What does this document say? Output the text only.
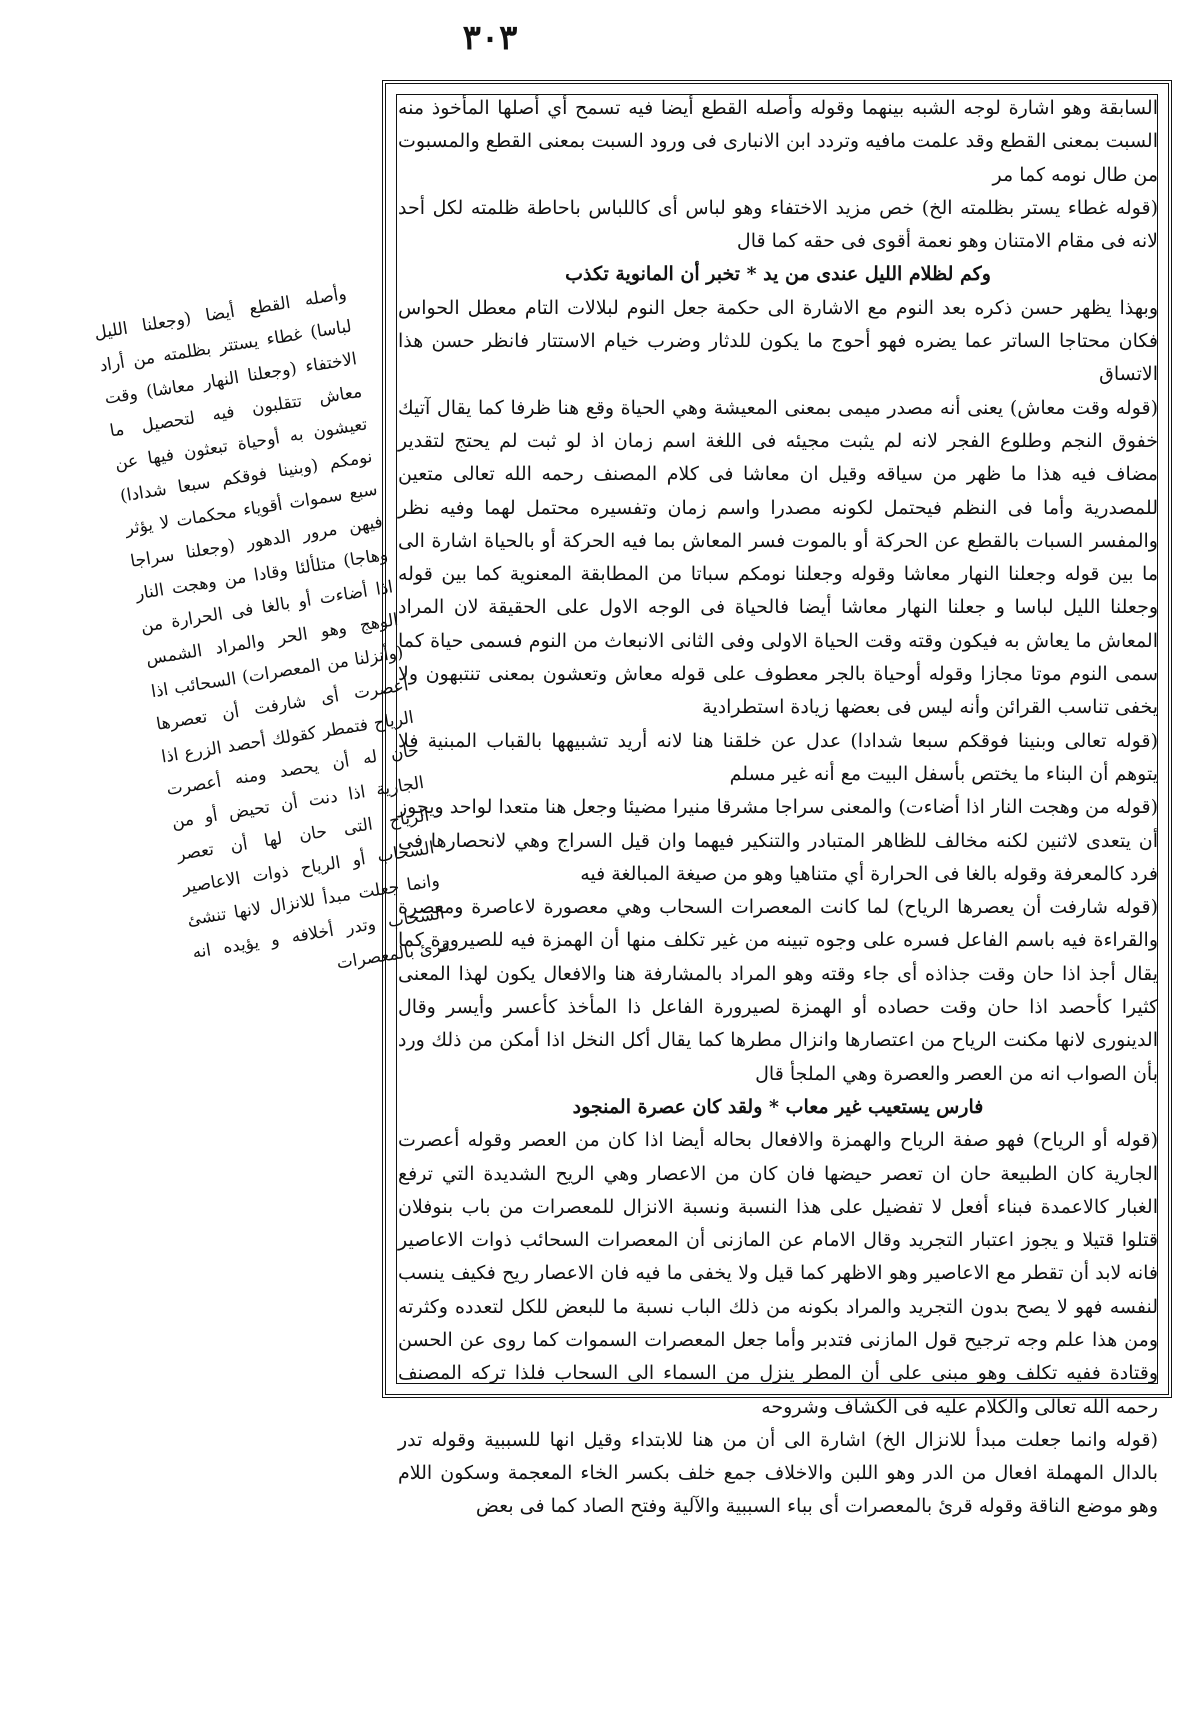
٣٠٣

السابقة وهو اشارة لوجه الشبه بينهما وقوله وأصله القطع أيضا فيه تسمح أي أصلها المأخوذ منه السبت بمعنى القطع وقد علمت مافيه وتردد ابن الانبارى فى ورود السبت بمعنى القطع والمسبوت من طال نومه كما مر

(قوله غطاء يستر بظلمته الخ) خص مزيد الاختفاء وهو لباس أى كاللباس باحاطة ظلمته لكل أحد لانه فى مقام الامتنان وهو نعمة أقوى فى حقه كما قال

وكم لظلام الليل عندى من يد * تخبر أن المانوية تكذب

وبهذا يظهر حسن ذكره بعد النوم مع الاشارة الى حكمة جعل النوم لبلالات التام معطل الحواس فكان محتاجا الساتر عما يضره فهو أحوج ما يكون للدثار وضرب خيام الاستتار فانظر حسن هذا الاتساق

(قوله وقت معاش) يعنى أنه مصدر ميمى بمعنى المعيشة وهي الحياة وقع هنا ظرفا كما يقال آتيك خفوق النجم وطلوع الفجر لانه لم يثبت مجيئه فى اللغة اسم زمان اذ لو ثبت لم يحتج لتقدير مضاف فيه هذا ما ظهر من سياقه وقيل ان معاشا فى كلام المصنف رحمه الله تعالى متعين للمصدرية وأما فى النظم فيحتمل لكونه مصدرا واسم زمان وتفسيره محتمل لهما وفيه نظر والمفسر السبات بالقطع عن الحركة أو بالموت فسر المعاش بما فيه الحركة أو بالحياة اشارة الى ما بين قوله وجعلنا النهار معاشا وقوله وجعلنا نومكم سباتا من المطابقة المعنوية كما بين قوله وجعلنا الليل لباسا و جعلنا النهار معاشا أيضا فالحياة فى الوجه الاول على الحقيقة لان المراد المعاش ما يعاش به فيكون وقته وقت الحياة الاولى وفى الثانى الانبعاث من النوم فسمى حياة كما سمى النوم موتا مجازا وقوله أوحياة بالجر معطوف على قوله معاش وتعشون بمعنى تنتبهون ولا يخفى تناسب القرائن وأنه ليس فى بعضها زيادة استطرادية

(قوله تعالى وبنينا فوقكم سبعا شدادا) عدل عن خلقنا هنا لانه أريد تشبيهها بالقباب المبنية فلا يتوهم أن البناء ما يختص بأسفل البيت مع أنه غير مسلم

(قوله من وهجت النار اذا أضاءت) والمعنى سراجا مشرقا منيرا مضيئا وجعل هنا متعدا لواحد ويجوز أن يتعدى لاثنين لكنه مخالف للظاهر المتبادر والتنكير فيهما وان قيل السراج وهي لانحصارها فى فرد كالمعرفة وقوله بالغا فى الحرارة أي متناهيا وهو من صيغة المبالغة فيه

(قوله شارفت أن يعصرها الرياح) لما كانت المعصرات السحاب وهي معصورة لاعاصرة ومعصرة والقراءة فيه باسم الفاعل فسره على وجوه تبينه من غير تكلف منها أن الهمزة فيه للصيرورة كما يقال أجذ اذا حان وقت جذاذه أى جاء وقته وهو المراد بالمشارفة هنا والافعال يكون لهذا المعنى كثيرا كأحصد اذا حان وقت حصاده أو الهمزة لصيرورة الفاعل ذا المأخذ كأعسر وأيسر وقال الدينورى لانها مكنت الرياح من اعتصارها وانزال مطرها كما يقال أكل النخل اذا أمكن من ذلك ورد بأن الصواب انه من العصر والعصرة وهي الملجأ قال

فارس يستعيب غير معاب * ولقد كان عصرة المنجود

(قوله أو الرياح) فهو صفة الرياح والهمزة والافعال بحاله أيضا اذا كان من العصر وقوله أعصرت الجارية كان الطبيعة حان ان تعصر حيضها فان كان من الاعصار وهي الريح الشديدة التي ترفع الغبار كالاعمدة فبناء أفعل لا تفضيل على هذا النسبة ونسبة الانزال للمعصرات من باب بنوفلان قتلوا قتيلا و يجوز اعتبار التجريد وقال الامام عن المازنى أن المعصرات السحائب ذوات الاعاصير فانه لابد أن تقطر مع الاعاصير وهو الاظهر كما قيل ولا يخفى ما فيه فان الاعصار ريح فكيف ينسب لنفسه فهو لا يصح بدون التجريد والمراد بكونه من ذلك الباب نسبة ما للبعض للكل لتعدده وكثرته ومن هذا علم وجه ترجيح قول المازنى فتدبر وأما جعل المعصرات السموات كما روى عن الحسن وقتادة ففيه تكلف وهو مبنى على أن المطر ينزل من السماء الى السحاب فلذا تركه المصنف رحمه الله تعالى والكلام عليه فى الكشاف وشروحه

(قوله وانما جعلت مبدأ للانزال الخ) اشارة الى أن من هنا للابتداء وقيل انها للسببية وقوله تدر بالدال المهملة افعال من الدر وهو اللبن والاخلاف جمع خلف بكسر الخاء المعجمة وسكون اللام وهو موضع الناقة وقوله قرئ بالمعصرات أى بباء السببية والآلية وفتح الصاد كما فى بعض

وأصله القطع أيضا (وجعلنا الليل لباسا) غطاء يستتر بظلمته من أراد الاختفاء (وجعلنا النهار معاشا) وقت معاش تتقلبون فيه لتحصيل ما تعيشون به أوحياة تبعثون فيها عن نومكم (وبنينا فوقكم سبعا شدادا) سبع سموات أقوياء محكمات لا يؤثر فيهن مرور الدهور (وجعلنا سراجا وهاجا) متلألئا وقادا من وهجت النار اذا أضاءت أو بالغا فى الحرارة من الوهج وهو الحر والمراد الشمس (وأنزلنا من المعصرات) السحائب اذا أعصرت أى شارفت أن تعصرها الرياح فتمطر كقولك أحصد الزرع اذا حان له أن يحصد ومنه أعصرت الجارية اذا دنت أن تحيض أو من الرياح التى حان لها أن تعصر السحاب أو الرياح ذوات الاعاصير وانما جعلت مبدأ للانزال لانها تنشئ السحاب وتدر أخلافه و يؤيده انه قرئ بالمعصرات
